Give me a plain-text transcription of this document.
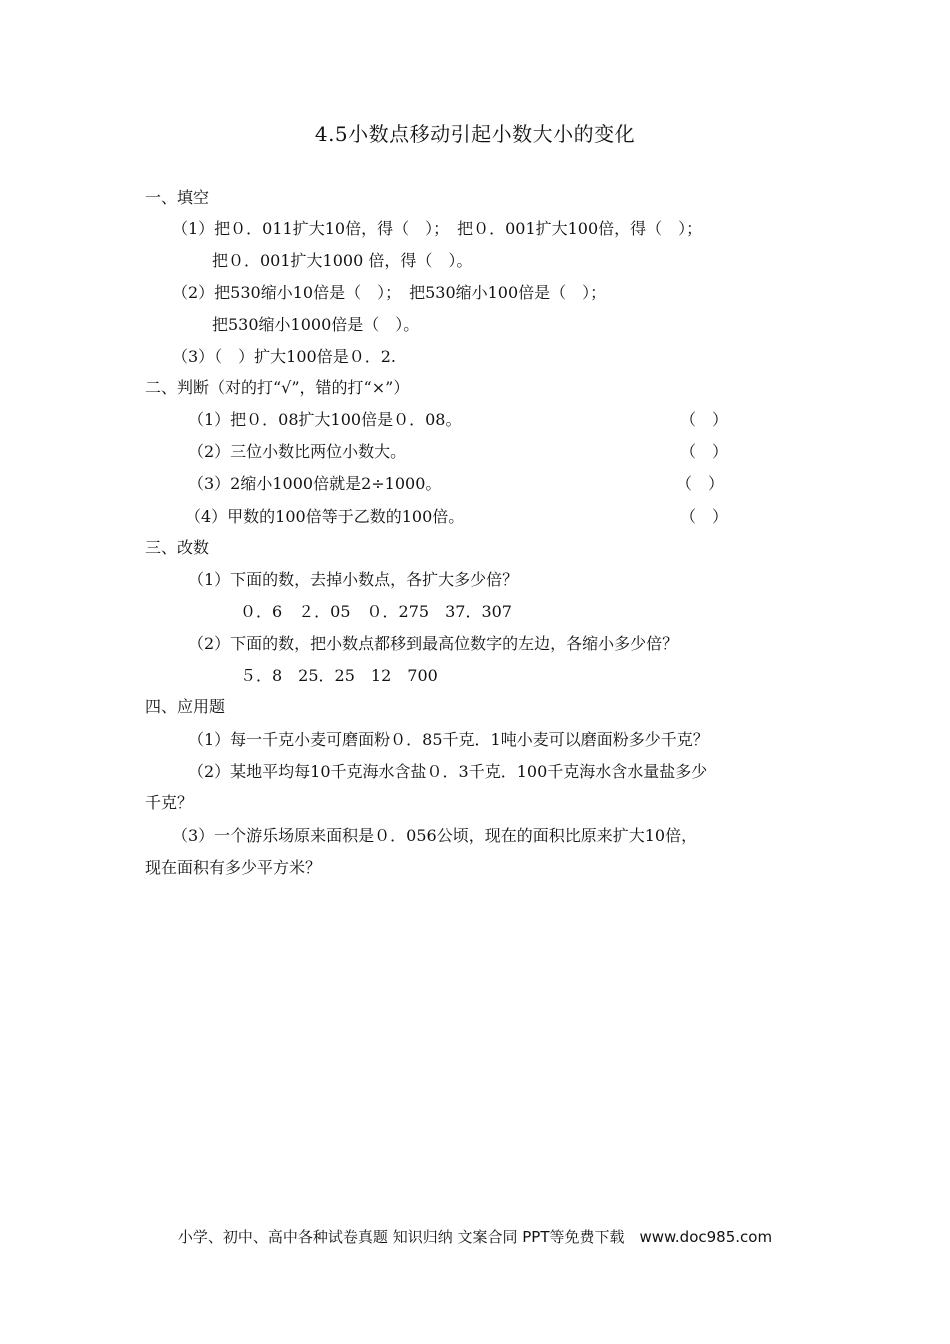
4.5小数点移动引起小数大小的变化
一、填空
（1）把０．011扩大10倍，得（　）；　把０．001扩大100倍，得（　）；
把０．001扩大1000 倍，得（　）。
（2）把530缩小10倍是（　）；　把530缩小100倍是（　）；
把530缩小1000倍是（　）。
（3）（　）扩大100倍是０．2.
二、判断（对的打“√”，错的打“×”）
（1）把０．08扩大100倍是０．08。	（　）
（2）三位小数比两位小数大。	（　）
（3）2缩小1000倍就是2÷1000。	（　）
（4）甲数的100倍等于乙数的100倍。	（　）
三、改数
（1）下面的数，去掉小数点，各扩大多少倍？
０．6　２．05　０．275　37．307
（2）下面的数，把小数点都移到最高位数字的左边，各缩小多少倍？
５．8　25．25　12　700
四、应用题
（1）每一千克小麦可磨面粉０．85千克．1吨小麦可以磨面粉多少千克？
（2）某地平均每10千克海水含盐０．3千克．100千克海水含水量盐多少
千克？
（3）一个游乐场原来面积是０．056公顷，现在的面积比原来扩大10倍，
现在面积有多少平方米？
小学、初中、高中各种试卷真题 知识归纳 文案合同 PPT等免费下载　www.doc985.com
